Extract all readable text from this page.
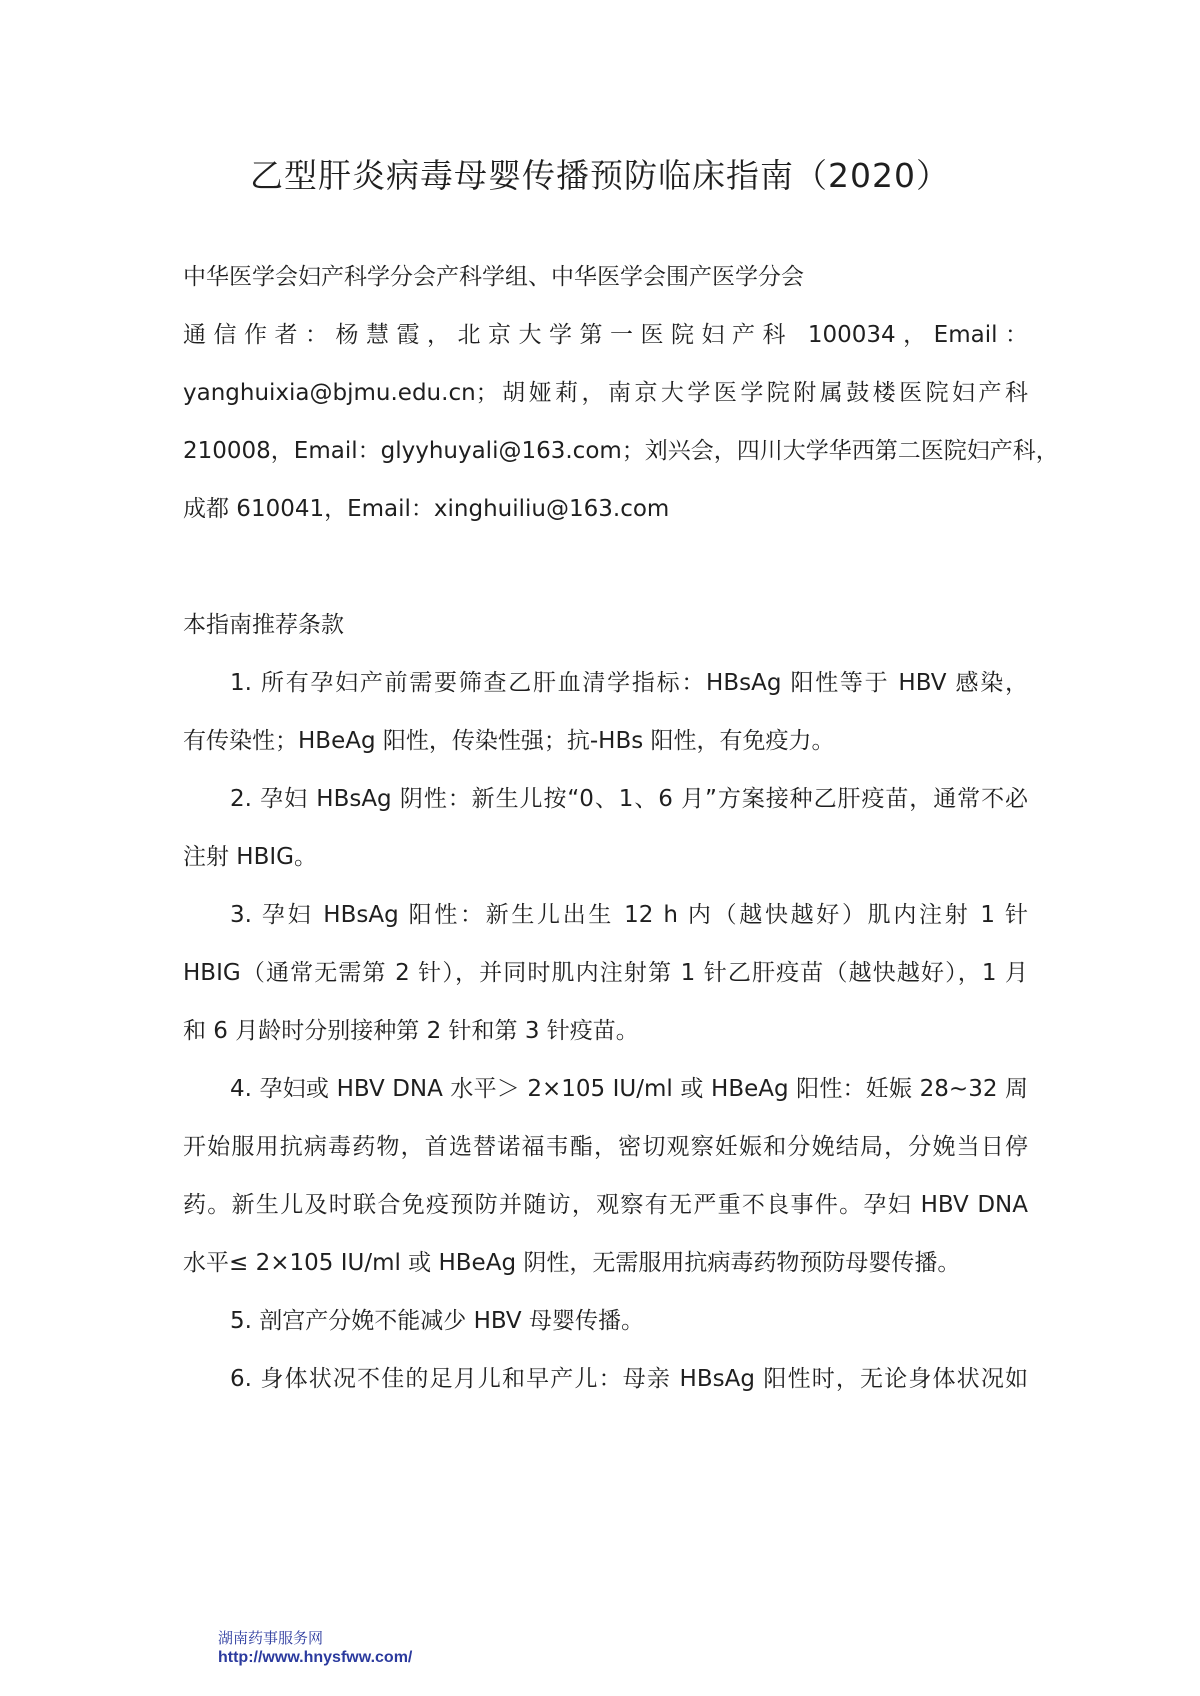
乙型肝炎病毒母婴传播预防临床指南（2020）
中华医学会妇产科学分会产科学组、中华医学会围产医学分会
通信作者：杨慧霞，北京大学第一医院妇产科 100034，Email：
yanghuixia@bjmu.edu.cn；胡娅莉，南京大学医学院附属鼓楼医院妇产科
210008，Email：glyyhuyali@163.com；刘兴会，四川大学华西第二医院妇产科，
成都 610041，Email：xinghuiliu@163.com
本指南推荐条款
1. 所有孕妇产前需要筛查乙肝血清学指标：HBsAg 阳性等于 HBV 感染，
有传染性；HBeAg 阳性，传染性强；抗-HBs 阳性，有免疫力。
2. 孕妇 HBsAg 阴性：新生儿按“0、1、6 月”方案接种乙肝疫苗，通常不必
注射 HBIG。
3. 孕妇 HBsAg 阳性：新生儿出生 12 h 内（越快越好）肌内注射 1 针
HBIG（通常无需第 2 针），并同时肌内注射第 1 针乙肝疫苗（越快越好），1 月
和 6 月龄时分别接种第 2 针和第 3 针疫苗。
4. 孕妇或 HBV DNA 水平＞ 2×105 IU/ml 或 HBeAg 阳性：妊娠 28~32 周
开始服用抗病毒药物，首选替诺福韦酯，密切观察妊娠和分娩结局，分娩当日停
药。新生儿及时联合免疫预防并随访，观察有无严重不良事件。孕妇 HBV DNA
水平≤ 2×105 IU/ml 或 HBeAg 阴性，无需服用抗病毒药物预防母婴传播。
5. 剖宫产分娩不能减少 HBV 母婴传播。
6. 身体状况不佳的足月儿和早产儿：母亲 HBsAg 阳性时，无论身体状况如
湖南药事服务网
http://www.hnysfww.com/
